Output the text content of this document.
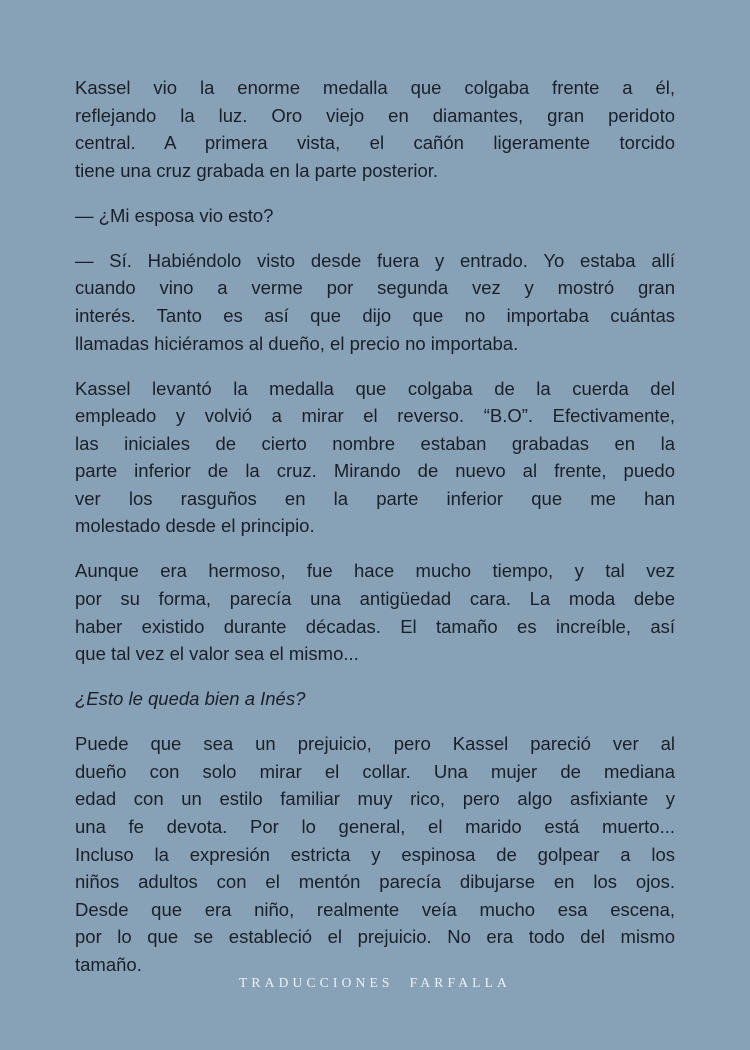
Kassel vio la enorme medalla que colgaba frente a él,
reflejando la luz. Oro viejo en diamantes, gran peridoto
central. A primera vista, el cañón ligeramente torcido
tiene una cruz grabada en la parte posterior.

— ¿Mi esposa vio esto?

— Sí. Habiéndolo visto desde fuera y entrado. Yo estaba allí
cuando vino a verme por segunda vez y mostró gran
interés. Tanto es así que dijo que no importaba cuántas
llamadas hiciéramos al dueño, el precio no importaba.

Kassel levantó la medalla que colgaba de la cuerda del
empleado y volvió a mirar el reverso. “B.O”. Efectivamente,
las iniciales de cierto nombre estaban grabadas en la
parte inferior de la cruz. Mirando de nuevo al frente, puedo
ver los rasguños en la parte inferior que me han
molestado desde el principio.

Aunque era hermoso, fue hace mucho tiempo, y tal vez
por su forma, parecía una antigüedad cara. La moda debe
haber existido durante décadas. El tamaño es increíble, así
que tal vez el valor sea el mismo...

¿Esto le queda bien a Inés?

Puede que sea un prejuicio, pero Kassel pareció ver al
dueño con solo mirar el collar. Una mujer de mediana
edad con un estilo familiar muy rico, pero algo asfixiante y
una fe devota. Por lo general, el marido está muerto...
Incluso la expresión estricta y espinosa de golpear a los
niños adultos con el mentón parecía dibujarse en los ojos.
Desde que era niño, realmente veía mucho esa escena,
por lo que se estableció el prejuicio. No era todo del mismo
tamaño.

TRADUCCIONES FARFALLA
